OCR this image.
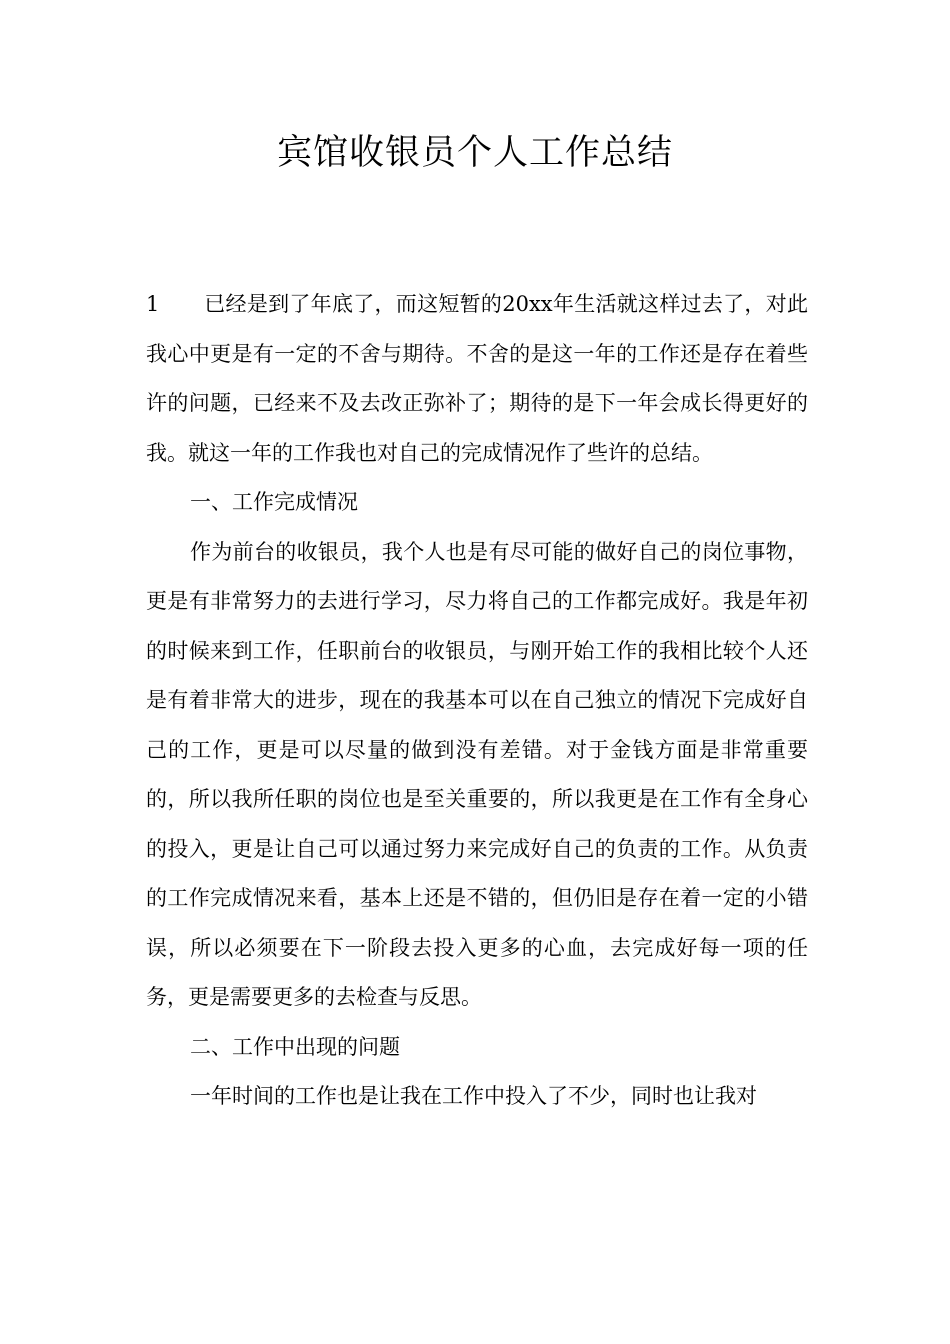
宾馆收银员个人工作总结

1 已经是到了年底了，而这短暂的20xx年生活就这样过去了，对此我心中更是有一定的不舍与期待。不舍的是这一年的工作还是存在着些许的问题，已经来不及去改正弥补了；期待的是下一年会成长得更好的我。就这一年的工作我也对自己的完成情况作了些许的总结。

一、工作完成情况

作为前台的收银员，我个人也是有尽可能的做好自己的岗位事物，更是有非常努力的去进行学习，尽力将自己的工作都完成好。我是年初的时候来到工作，任职前台的收银员，与刚开始工作的我相比较个人还是有着非常大的进步，现在的我基本可以在自己独立的情况下完成好自己的工作，更是可以尽量的做到没有差错。对于金钱方面是非常重要的，所以我所任职的岗位也是至关重要的，所以我更是在工作有全身心的投入，更是让自己可以通过努力来完成好自己的负责的工作。从负责的工作完成情况来看，基本上还是不错的，但仍旧是存在着一定的小错误，所以必须要在下一阶段去投入更多的心血，去完成好每一项的任务，更是需要更多的去检查与反思。

二、工作中出现的问题

一年时间的工作也是让我在工作中投入了不少，同时也让我对
